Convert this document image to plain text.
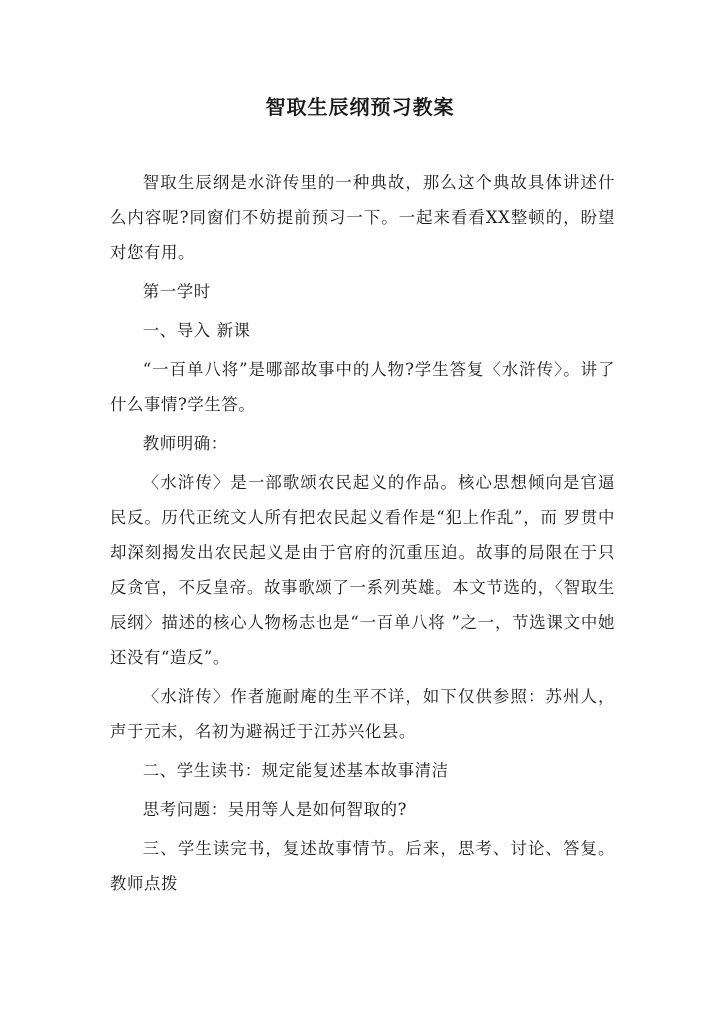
智取生辰纲预习教案

智取生辰纲是水浒传里的一种典故，那么这个典故具体讲述什么内容呢?同窗们不妨提前预习一下。一起来看看XX整顿的，盼望对您有用。

第一学时

一、导入 新课

“一百单八将”是哪部故事中的人物?学生答复〈水浒传〉。讲了什么事情?学生答。

教师明确：

〈水浒传〉是一部歌颂农民起义的作品。核心思想倾向是官逼民反。历代正统文人所有把农民起义看作是“犯上作乱”，而 罗贯中却深刻揭发出农民起义是由于官府的沉重压迫。故事的局限在于只反贪官，不反皇帝。故事歌颂了一系列英雄。本文节选的，〈智取生辰纲〉描述的核心人物杨志也是“一百单八将 ”之一，节选课文中她还没有“造反”。

〈水浒传〉作者施耐庵的生平不详，如下仅供参照：苏州人，声于元末，名初为避祸迁于江苏兴化县。

二、学生读书：规定能复述基本故事清洁

思考问题：吴用等人是如何智取的?

三、学生读完书，复述故事情节。后来，思考、讨论、答复。教师点拨
